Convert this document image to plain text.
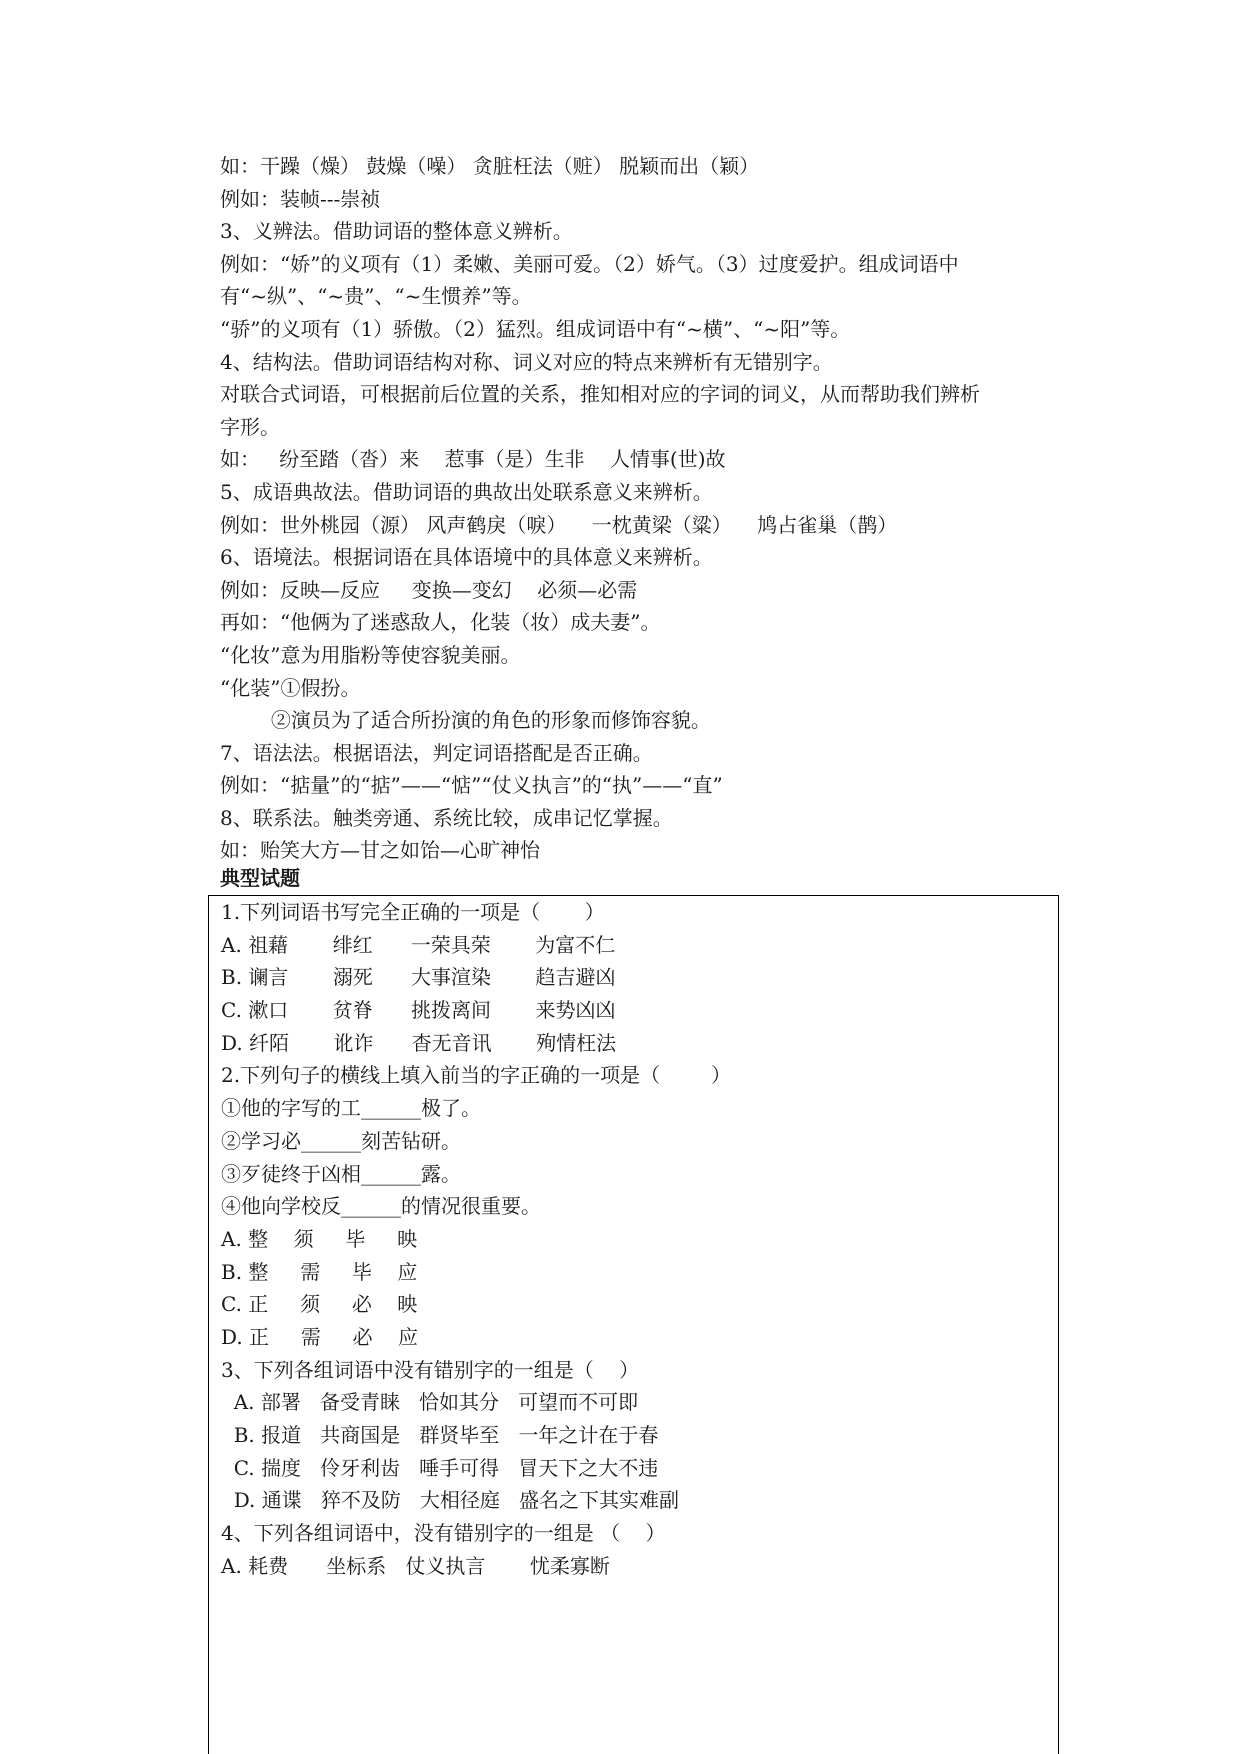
如：干躁（燥） 鼓燥（噪） 贪脏枉法（赃） 脱颖而出（颖）
例如：装帧---崇祯
3、义辨法。借助词语的整体意义辨析。
例如：“娇”的义项有（1）柔嫩、美丽可爱。（2）娇气。（3）过度爱护。组成词语中
有“~纵”、“~贵”、“~生惯养”等。
“骄”的义项有（1）骄傲。（2）猛烈。组成词语中有“~横”、“~阳”等。
4、结构法。借助词语结构对称、词义对应的特点来辨析有无错别字。
对联合式词语，可根据前后位置的关系，推知相对应的字词的词义，从而帮助我们辨析
字形。
如：   纷至踏（沓）来    惹事（是）生非    人情事(世)故
5、成语典故法。借助词语的典故出处联系意义来辨析。
例如：世外桃园（源） 风声鹤戾（唳）    一枕黄梁（粱）    鸠占雀巢（鹊）
6、语境法。根据词语在具体语境中的具体意义来辨析。
例如：反映—反应     变换—变幻    必须—必需
再如：“他俩为了迷惑敌人，化装（妆）成夫妻”。
“化妆”意为用脂粉等使容貌美丽。
“化装”①假扮。
②演员为了适合所扮演的角色的形象而修饰容貌。
7、语法法。根据语法，判定词语搭配是否正确。
例如：“掂量”的“掂”——“惦”“仗义执言”的“执”——“直”
8、联系法。触类旁通、系统比较，成串记忆掌握。
如：贻笑大方—甘之如饴—心旷神怡
典型试题
1.下列词语书写完全正确的一项是（       ）
A. 祖藉       绯红      一荣具荣       为富不仁
B. 谰言       溺死      大事渲染       趋吉避凶
C. 漱口       贫脊      挑拨离间       来势凶凶
D. 纤陌       讹诈      杳无音讯       殉情枉法
2.下列句子的横线上填入前当的字正确的一项是（        ）
①他的字写的工______极了。
②学习必______刻苦钻研。
③歹徒终于凶相______露。
④他向学校反______的情况很重要。
A. 整    须     毕     映
B. 整     需     毕    应
C. 正     须     必    映
D. 正     需     必    应
3、下列各组词语中没有错别字的一组是（    ）
A. 部署   备受青睐   恰如其分   可望而不可即
B. 报道   共商国是   群贤毕至   一年之计在于春
C. 揣度   伶牙利齿   唾手可得   冒天下之大不违
D. 通谍   猝不及防   大相径庭   盛名之下其实难副
4、下列各组词语中，没有错别字的一组是 （    ）
A. 耗费      坐标系   仗义执言       忧柔寡断
